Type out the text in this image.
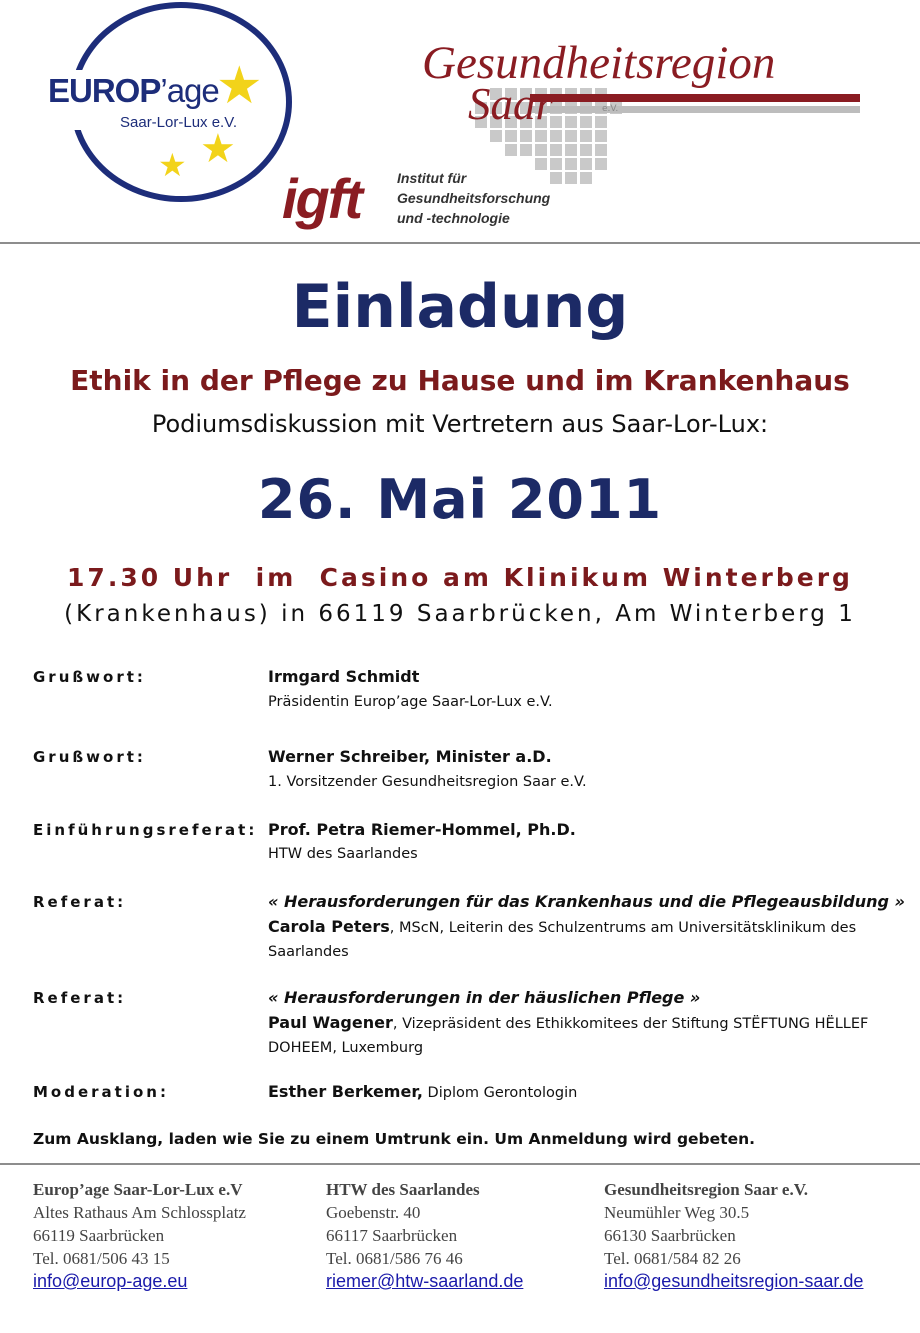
EUROP’age
Saar-Lor-Lux e.V.
★
★
★
Gesundheitsregion
Saar	e.V.
igft	Institut für
Gesundheitsforschung
und -technologie
Einladung
Ethik in der Pflege zu Hause und im Krankenhaus
Podiumsdiskussion mit Vertretern aus Saar-Lor-Lux:
26. Mai 2011
17.30 Uhr  im  Casino am Klinikum Winterberg
(Krankenhaus) in 66119 Saarbrücken, Am Winterberg 1
Grußwort:	Irmgard Schmidt
Präsidentin Europ’age Saar-Lor-Lux e.V.
Grußwort:	Werner Schreiber, Minister a.D.
1. Vorsitzender Gesundheitsregion Saar e.V.
Einführungsreferat: Prof. Petra Riemer-Hommel, Ph.D.
HTW des Saarlandes
Referat:	« Herausforderungen für das Krankenhaus und die Pflegeausbildung »
Carola Peters, MScN, Leiterin des Schulzentrums am Universitätsklinikum des Saarlandes
Referat:	« Herausforderungen in der häuslichen Pflege »
Paul Wagener, Vizepräsident des Ethikkomitees der Stiftung STËFTUNG HËLLEF DOHEEM, Luxemburg
Moderation:	Esther Berkemer, Diplom Gerontologin
Zum Ausklang, laden wie Sie zu einem Umtrunk ein. Um Anmeldung wird gebeten.
Europ’age Saar-Lor-Lux e.V
Altes Rathaus Am Schlossplatz
66119 Saarbrücken
Tel. 0681/506 43 15
info@europ-age.eu
HTW des Saarlandes
Goebenstr. 40
66117 Saarbrücken
Tel. 0681/586 76 46
riemer@htw-saarland.de
Gesundheitsregion Saar e.V.
Neumühler Weg 30.5
66130 Saarbrücken
Tel. 0681/584 82 26
info@gesundheitsregion-saar.de
